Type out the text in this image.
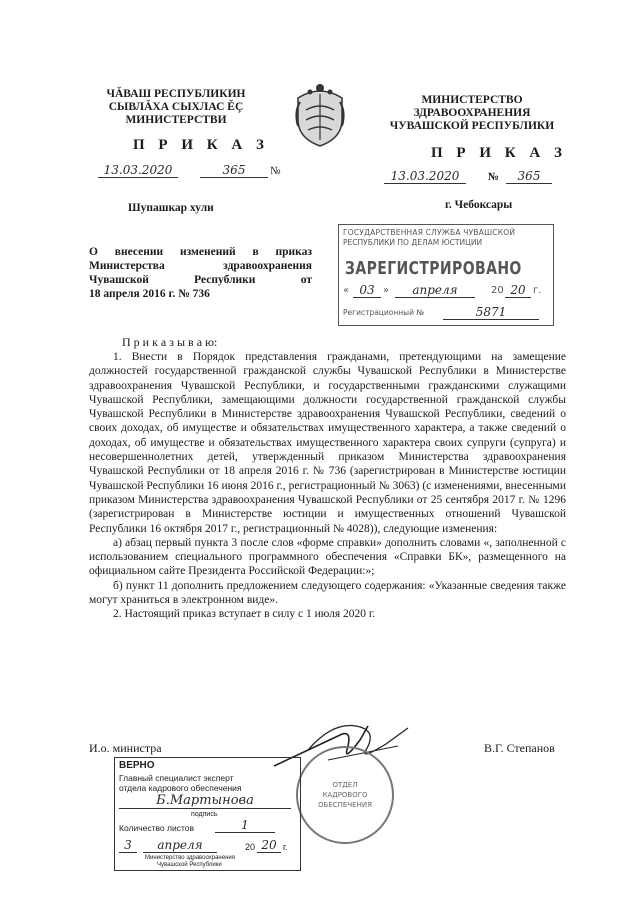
ЧĂВАШ РЕСПУБЛИКИН
СЫВЛĂХА СЫХЛАС ĔÇ
МИНИСТЕРСТВИ
П Р И К А З
13.03.2020	365	№
Шупашкар хули
МИНИСТЕРСТВО
ЗДРАВООХРАНЕНИЯ
ЧУВАШСКОЙ РЕСПУБЛИКИ
П Р И К А З
13.03.2020	№	365
г. Чебоксары
О внесении изменений в приказ
Министерства здравоохранения
Чувашской Республики от
18 апреля 2016 г. № 736
ГОСУДАРСТВЕННАЯ СЛУЖБА ЧУВАШСКОЙ
РЕСПУБЛИКИ ПО ДЕЛАМ ЮСТИЦИИ
ЗАРЕГИСТРИРОВАНО
« 03 »	апреля	20 20 г.
Регистрационный №	5871
П р и к а з ы в а ю:

1. Внести в Порядок представления гражданами, претендующими на замещение должностей государственной гражданской службы Чувашской Республики в Министерстве здравоохранения Чувашской Республики, и государственными гражданскими служащими Чувашской Республики, замещающими должности государственной гражданской службы Чувашской Республики в Министерстве здравоохранения Чувашской Республики, сведений о своих доходах, об имуществе и обязательствах имущественного характера, а также сведений о доходах, об имуществе и обязательствах имущественного характера своих супруги (супруга) и несовершеннолетних детей, утвержденный приказом Министерства здравоохранения Чувашской Республики от 18 апреля 2016 г. № 736 (зарегистрирован в Министерстве юстиции Чувашской Республики 16 июня 2016 г., регистрационный № 3063) (с изменениями, внесенными приказом Министерства здравоохранения Чувашской Республики от 25 сентября 2017 г. № 1296 (зарегистрирован в Министерстве юстиции и имущественных отношений Чувашской Республики 16 октября 2017 г., регистрационный № 4028)), следующие изменения:

а) абзац первый пункта 3 после слов «форме справки» дополнить словами «, заполненной с использованием специального программного обеспечения «Справки БК», размещенного на официальном сайте Президента Российской Федерации:»;

б) пункт 11 дополнить предложением следующего содержания: «Указанные сведения также могут храниться в электронном виде».

2. Настоящий приказ вступает в силу с 1 июля 2020 г.

И.о. министра	В.Г. Степанов
ОТДЕЛ
КАДРОВОГО
ОБЕСПЕЧЕНИЯ
ВЕРНО
Главный специалист эксперт
отдела кадрового обеспечения
Б.Мартынова
подпись
Количество листов	1
3	апреля	20 20 г.
Министерство здравоохранения
Чувашской Республики
